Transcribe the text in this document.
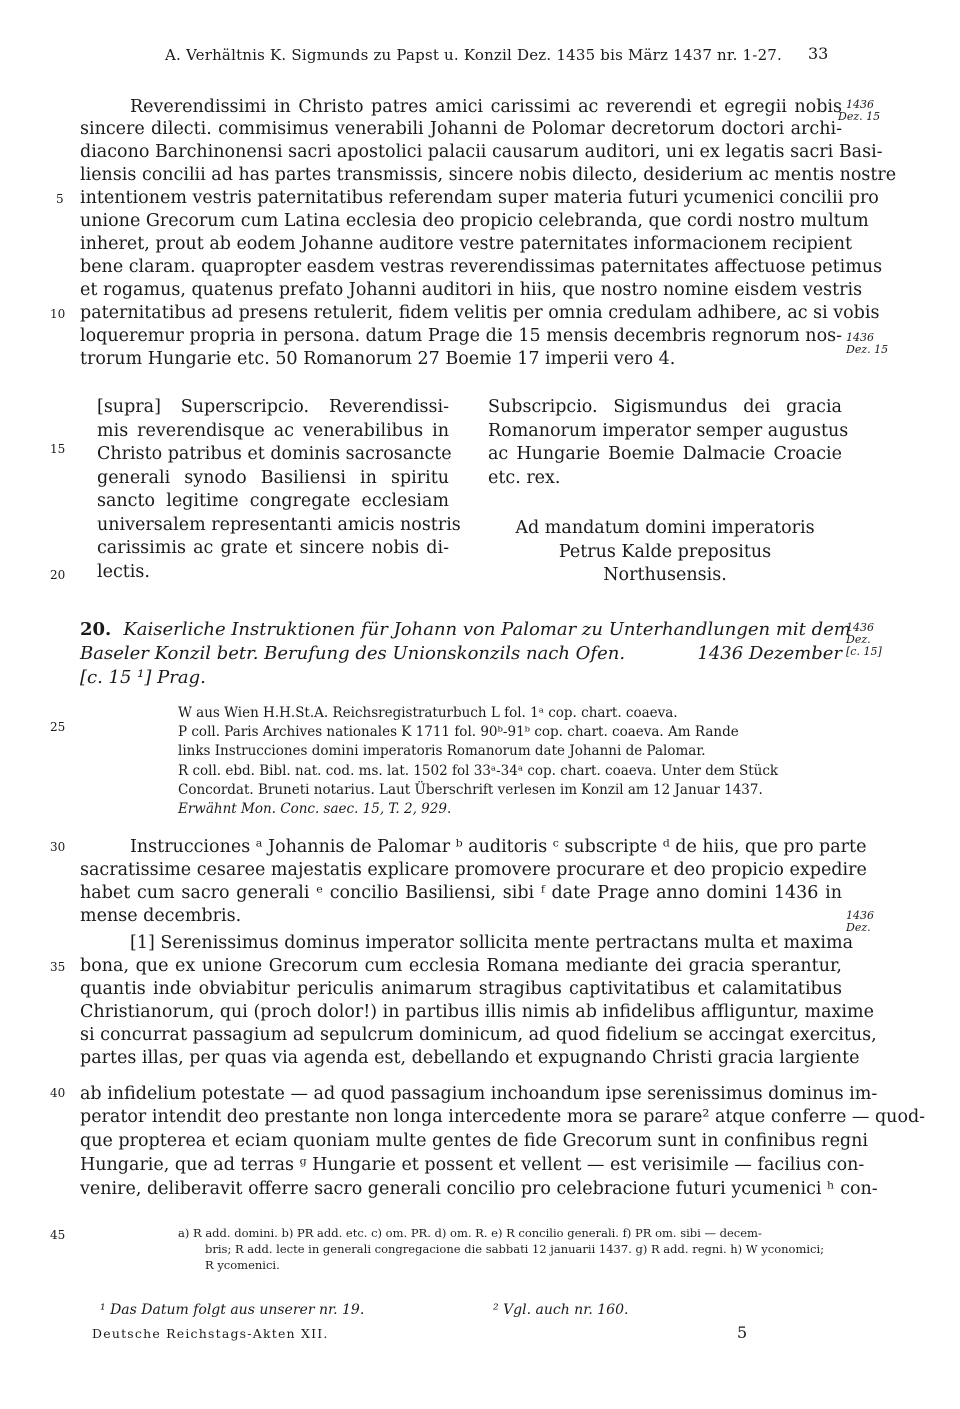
A. Verhältnis K. Sigmunds zu Papst u. Konzil Dez. 1435 bis März 1437 nr. 1-27. 33
Reverendissimi in Christo patres amici carissimi ac reverendi et egregii nobis
sincere dilecti. commisimus venerabili Johanni de Polomar decretorum doctori archi-
diacono Barchinonensi sacri apostolici palacii causarum auditori, uni ex legatis sacri Basi-
liensis concilii ad has partes transmissis, sincere nobis dilecto, desiderium ac mentis nostre
intentionem vestris paternitatibus referendam super materia futuri ycumenici concilii pro
unione Grecorum cum Latina ecclesia deo propicio celebranda, que cordi nostro multum
inheret, prout ab eodem Johanne auditore vestre paternitates informacionem recipient
bene claram. quapropter easdem vestras reverendissimas paternitates affectuose petimus
et rogamus, quatenus prefato Johanni auditori in hiis, que nostro nomine eisdem vestris
paternitatibus ad presens retulerit, fidem velitis per omnia credulam adhibere, ac si vobis
loqueremur propria in persona. datum Prage die 15 mensis decembris regnorum nos-
trorum Hungarie etc. 50 Romanorum 27 Boemie 17 imperii vero 4.
5
10
15
20
25
30
35
40
45
1436
Dez. 15
1436
Dez. 15
1436
Dez.
[c. 15]
1436
Dez.
[supra] Superscripcio. Reverendissi-
mis reverendisque ac venerabilibus in
Christo patribus et dominis sacrosancte
generali synodo Basiliensi in spiritu
sancto legitime congregate ecclesiam
universalem representanti amicis nostris
carissimis ac grate et sincere nobis di-
lectis.
Subscripcio. Sigismundus dei gracia
Romanorum imperator semper augustus
ac Hungarie Boemie Dalmacie Croacie
etc. rex.
Ad mandatum domini imperatoris
Petrus Kalde prepositus
Northusensis.
20. Kaiserliche Instruktionen für Johann von Palomar zu Unterhandlungen mit dem
Baseler Konzil betr. Berufung des Unionskonzils nach Ofen.	1436 Dezember
[c. 15 ¹] Prag.
W aus Wien H.H.St.A. Reichsregistraturbuch L fol. 1ᵃ cop. chart. coaeva.
P coll. Paris Archives nationales K 1711 fol. 90ᵇ-91ᵇ cop. chart. coaeva. Am Rande
links Instrucciones domini imperatoris Romanorum date Johanni de Palomar.
R coll. ebd. Bibl. nat. cod. ms. lat. 1502 fol 33ᵃ-34ᵃ cop. chart. coaeva. Unter dem Stück
Concordat. Bruneti notarius. Laut Überschrift verlesen im Konzil am 12 Januar 1437.
Erwähnt Mon. Conc. saec. 15, T. 2, 929.
Instrucciones ᵃ Johannis de Palomar ᵇ auditoris ᶜ subscripte ᵈ de hiis, que pro parte
sacratissime cesaree majestatis explicare promovere procurare et deo propicio expedire
habet cum sacro generali ᵉ concilio Basiliensi, sibi ᶠ date Prage anno domini 1436 in
mense decembris.
[1] Serenissimus dominus imperator sollicita mente pertractans multa et maxima
bona, que ex unione Grecorum cum ecclesia Romana mediante dei gracia sperantur,
quantis inde obviabitur periculis animarum stragibus captivitatibus et calamitatibus
Christianorum, qui (proch dolor!) in partibus illis nimis ab infidelibus affliguntur, maxime
si concurrat passagium ad sepulcrum dominicum, ad quod fidelium se accingat exercitus,
partes illas, per quas via agenda est, debellando et expugnando Christi gracia largiente
ab infidelium potestate — ad quod passagium inchoandum ipse serenissimus dominus im-
perator intendit deo prestante non longa intercedente mora se parare² atque conferre — quod-
que propterea et eciam quoniam multe gentes de fide Grecorum sunt in confinibus regni
Hungarie, que ad terras ᵍ Hungarie et possent et vellent — est verisimile — facilius con-
venire, deliberavit offerre sacro generali concilio pro celebracione futuri ycumenici ʰ con-
a) R add. domini. b) PR add. etc. c) om. PR. d) om. R. e) R concilio generali. f) PR om. sibi — decem-
bris; R add. lecte in generali congregacione die sabbati 12 januarii 1437. g) R add. regni. h) W yconomici;
R ycomenici.
¹ Das Datum folgt aus unserer nr. 19.	² Vgl. auch nr. 160.
Deutsche Reichstags-Akten XII.	5
